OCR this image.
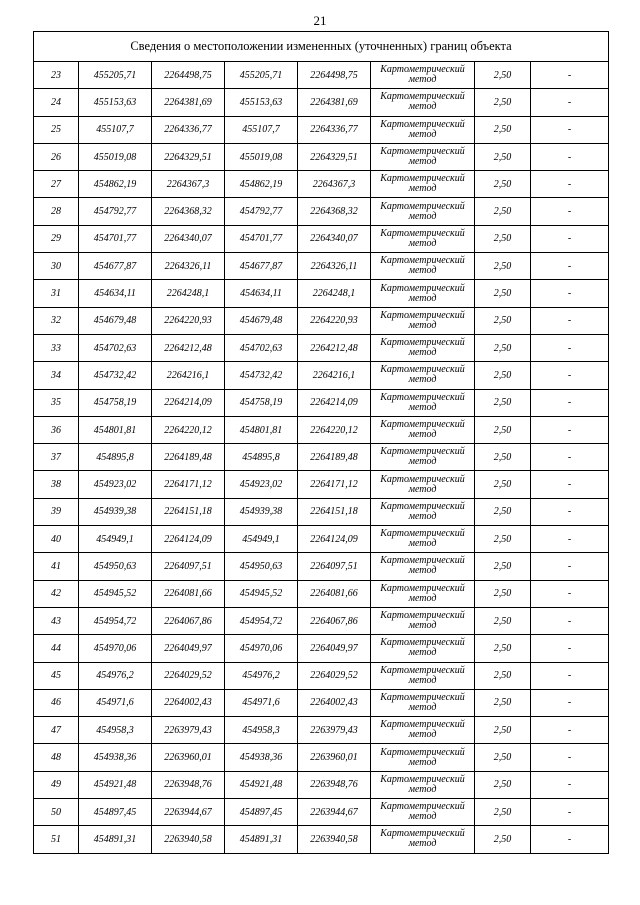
21
Сведения о местоположении измененных (уточненных) границ объекта							
23	455205,71	2264498,75	455205,71	2264498,75	Картометрический
метод	2,50	-
24	455153,63	2264381,69	455153,63	2264381,69	Картометрический
метод	2,50	-
25	455107,7	2264336,77	455107,7	2264336,77	Картометрический
метод	2,50	-
26	455019,08	2264329,51	455019,08	2264329,51	Картометрический
метод	2,50	-
27	454862,19	2264367,3	454862,19	2264367,3	Картометрический
метод	2,50	-
28	454792,77	2264368,32	454792,77	2264368,32	Картометрический
метод	2,50	-
29	454701,77	2264340,07	454701,77	2264340,07	Картометрический
метод	2,50	-
30	454677,87	2264326,11	454677,87	2264326,11	Картометрический
метод	2,50	-
31	454634,11	2264248,1	454634,11	2264248,1	Картометрический
метод	2,50	-
32	454679,48	2264220,93	454679,48	2264220,93	Картометрический
метод	2,50	-
33	454702,63	2264212,48	454702,63	2264212,48	Картометрический
метод	2,50	-
34	454732,42	2264216,1	454732,42	2264216,1	Картометрический
метод	2,50	-
35	454758,19	2264214,09	454758,19	2264214,09	Картометрический
метод	2,50	-
36	454801,81	2264220,12	454801,81	2264220,12	Картометрический
метод	2,50	-
37	454895,8	2264189,48	454895,8	2264189,48	Картометрический
метод	2,50	-
38	454923,02	2264171,12	454923,02	2264171,12	Картометрический
метод	2,50	-
39	454939,38	2264151,18	454939,38	2264151,18	Картометрический
метод	2,50	-
40	454949,1	2264124,09	454949,1	2264124,09	Картометрический
метод	2,50	-
41	454950,63	2264097,51	454950,63	2264097,51	Картометрический
метод	2,50	-
42	454945,52	2264081,66	454945,52	2264081,66	Картометрический
метод	2,50	-
43	454954,72	2264067,86	454954,72	2264067,86	Картометрический
метод	2,50	-
44	454970,06	2264049,97	454970,06	2264049,97	Картометрический
метод	2,50	-
45	454976,2	2264029,52	454976,2	2264029,52	Картометрический
метод	2,50	-
46	454971,6	2264002,43	454971,6	2264002,43	Картометрический
метод	2,50	-
47	454958,3	2263979,43	454958,3	2263979,43	Картометрический
метод	2,50	-
48	454938,36	2263960,01	454938,36	2263960,01	Картометрический
метод	2,50	-
49	454921,48	2263948,76	454921,48	2263948,76	Картометрический
метод	2,50	-
50	454897,45	2263944,67	454897,45	2263944,67	Картометрический
метод	2,50	-
51	454891,31	2263940,58	454891,31	2263940,58	Картометрический
метод	2,50	-
